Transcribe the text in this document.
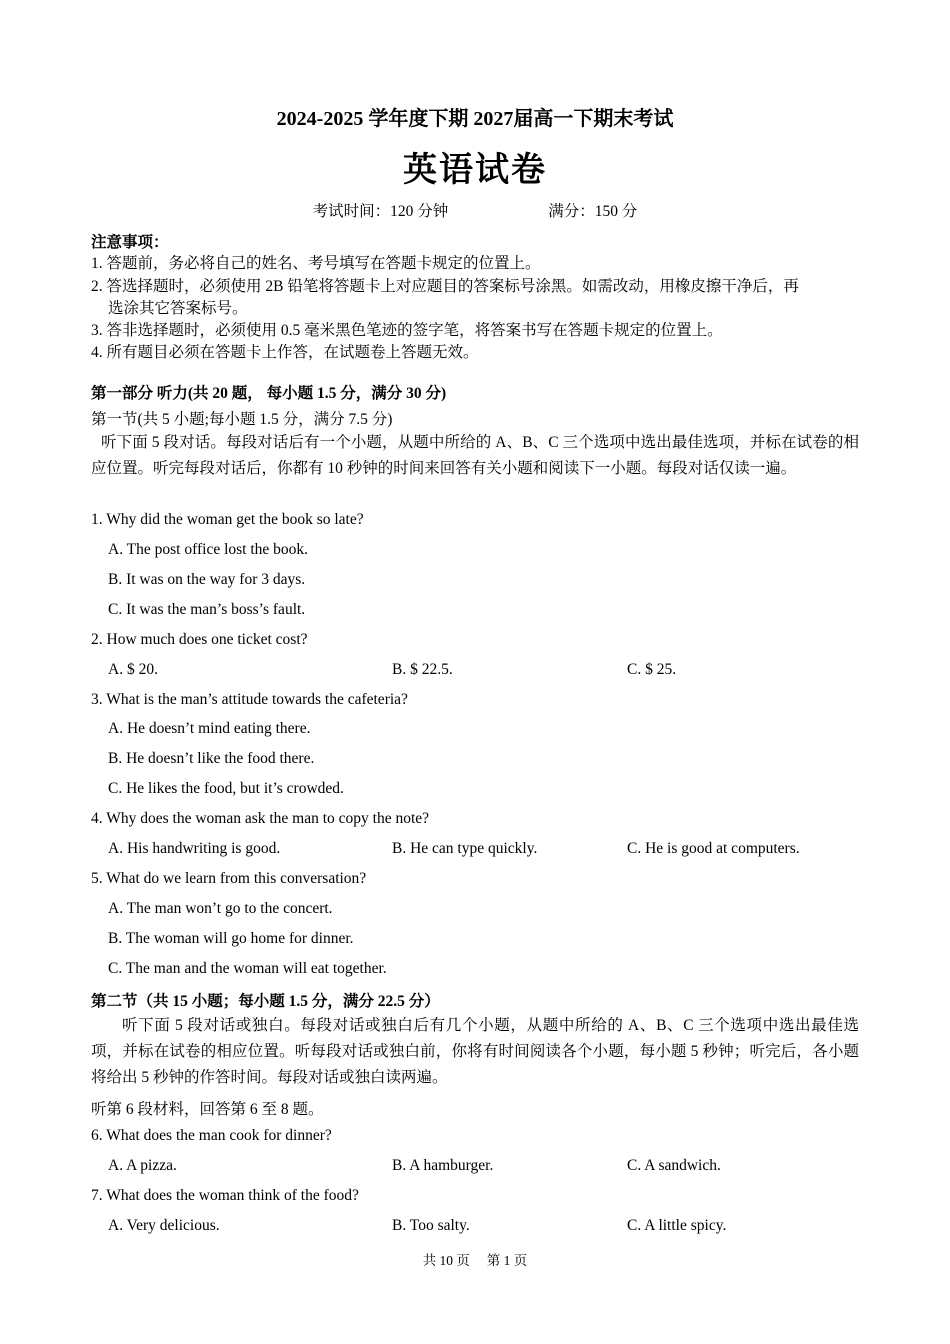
2024-2025 学年度下期 2027届高一下期末考试
英语试卷
考试时间：120 分钟	满分：150 分
注意事项：
1. 答题前，务必将自己的姓名、考号填写在答题卡规定的位置上。
2. 答选择题时，必须使用 2B 铅笔将答题卡上对应题目的答案标号涂黑。如需改动，用橡皮擦干净后，再
选涂其它答案标号。
3. 答非选择题时，必须使用 0.5 毫米黑色笔迹的签字笔，将答案书写在答题卡规定的位置上。
4. 所有题目必须在答题卡上作答，在试题卷上答题无效。
第一部分 听力(共 20 题， 每小题 1.5 分，满分 30 分)
第一节(共 5 小题;每小题 1.5 分，满分 7.5 分)
听下面 5 段对话。每段对话后有一个小题，从题中所给的 A、B、C 三个选项中选出最佳选项，并标在试卷的相应位置。听完每段对话后，你都有 10 秒钟的时间来回答有关小题和阅读下一小题。每段对话仅读一遍。
1. Why did the woman get the book so late?
A. The post office lost the book.
B. It was on the way for 3 days.
C. It was the man’s boss’s fault.
2. How much does one ticket cost?
A. $ 20.	B. $ 22.5.	C. $ 25.
3. What is the man’s attitude towards the cafeteria?
A. He doesn’t mind eating there.
B. He doesn’t like the food there.
C. He likes the food, but it’s crowded.
4. Why does the woman ask the man to copy the note?
A. His handwriting is good.	B. He can type quickly.	C. He is good at computers.
5. What do we learn from this conversation?
A. The man won’t go to the concert.
B. The woman will go home for dinner.
C. The man and the woman will eat together.
第二节（共 15 小题；每小题 1.5 分，满分 22.5 分）
听下面 5 段对话或独白。每段对话或独白后有几个小题，从题中所给的 A、B、C 三个选项中选出最佳选项，并标在试卷的相应位置。听每段对话或独白前，你将有时间阅读各个小题，每小题 5 秒钟；听完后，各小题将给出 5 秒钟的作答时间。每段对话或独白读两遍。
听第 6 段材料，回答第 6 至 8 题。
6. What does the man cook for dinner?
A. A pizza.	B. A hamburger.	C. A sandwich.
7. What does the woman think of the food?
A. Very delicious.	B. Too salty.	C. A little spicy.
共 10 页     第 1 页
